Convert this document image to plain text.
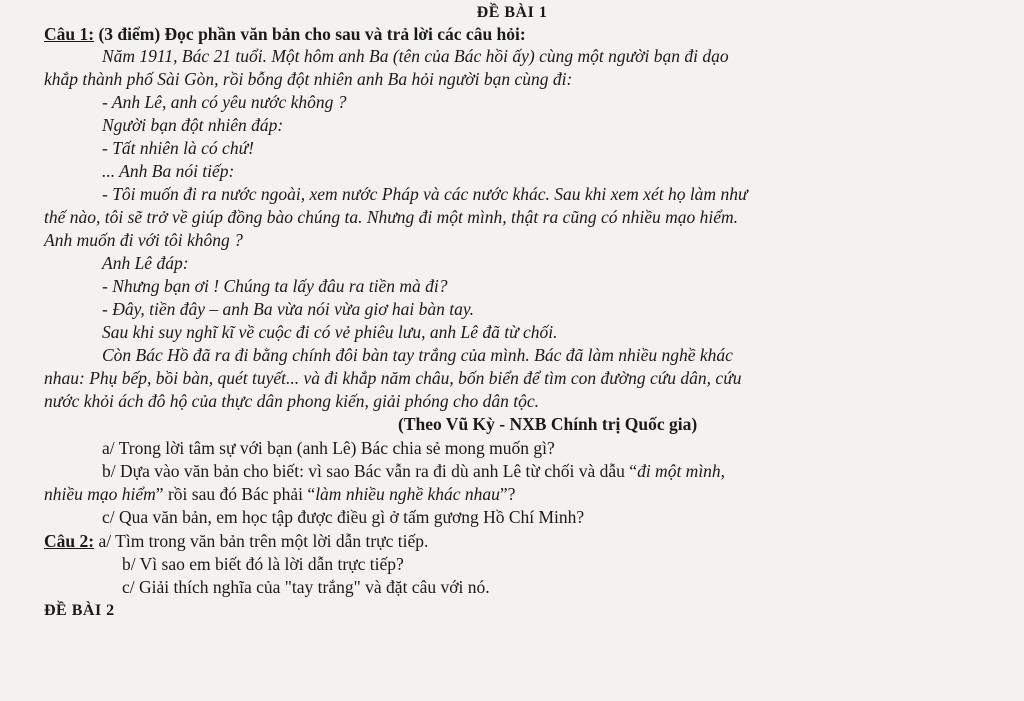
ĐỀ BÀI 1
Câu 1: (3 điểm) Đọc phần văn bản cho sau và trả lời các câu hỏi:
Năm 1911, Bác 21 tuổi. Một hôm anh Ba (tên của Bác hồi ấy) cùng một người bạn đi dạo
khắp thành phố Sài Gòn, rồi bỗng đột nhiên anh Ba hỏi người bạn cùng đi:
- Anh Lê, anh có yêu nước không ?
Người bạn đột nhiên đáp:
- Tất nhiên là có chứ!
... Anh Ba nói tiếp:
- Tôi muốn đi ra nước ngoài, xem nước Pháp và các nước khác. Sau khi xem xét họ làm như
thế nào, tôi sẽ trở về giúp đồng bào chúng ta. Nhưng đi một mình, thật ra cũng có nhiều mạo hiểm.
Anh muốn đi với tôi không ?
Anh Lê đáp:
- Nhưng bạn ơi ! Chúng ta lấy đâu ra tiền mà đi?
- Đây, tiền đây – anh Ba vừa nói vừa giơ hai bàn tay.
Sau khi suy nghĩ kĩ về cuộc đi có vẻ phiêu lưu, anh Lê đã từ chối.
Còn Bác Hồ đã ra đi bằng chính đôi bàn tay trắng của mình. Bác đã làm nhiều nghề khác
nhau: Phụ bếp, bồi bàn, quét tuyết... và đi khắp năm châu, bốn biển để tìm con đường cứu dân, cứu
nước khỏi ách đô hộ của thực dân phong kiến, giải phóng cho dân tộc.
(Theo Vũ Kỳ - NXB Chính trị Quốc gia)
a/ Trong lời tâm sự với bạn (anh Lê) Bác chia sẻ mong muốn gì?
b/ Dựa vào văn bản cho biết: vì sao Bác vẫn ra đi dù anh Lê từ chối và dẫu “đi một mình,
nhiều mạo hiểm” rồi sau đó Bác phải “làm nhiều nghề khác nhau”?
c/ Qua văn bản, em học tập được điều gì ở tấm gương Hồ Chí Minh?
Câu 2: a/ Tìm trong văn bản trên một lời dẫn trực tiếp.
b/ Vì sao em biết đó là lời dẫn trực tiếp?
c/ Giải thích nghĩa của "tay trắng" và đặt câu với nó.
ĐỀ BÀI 2
